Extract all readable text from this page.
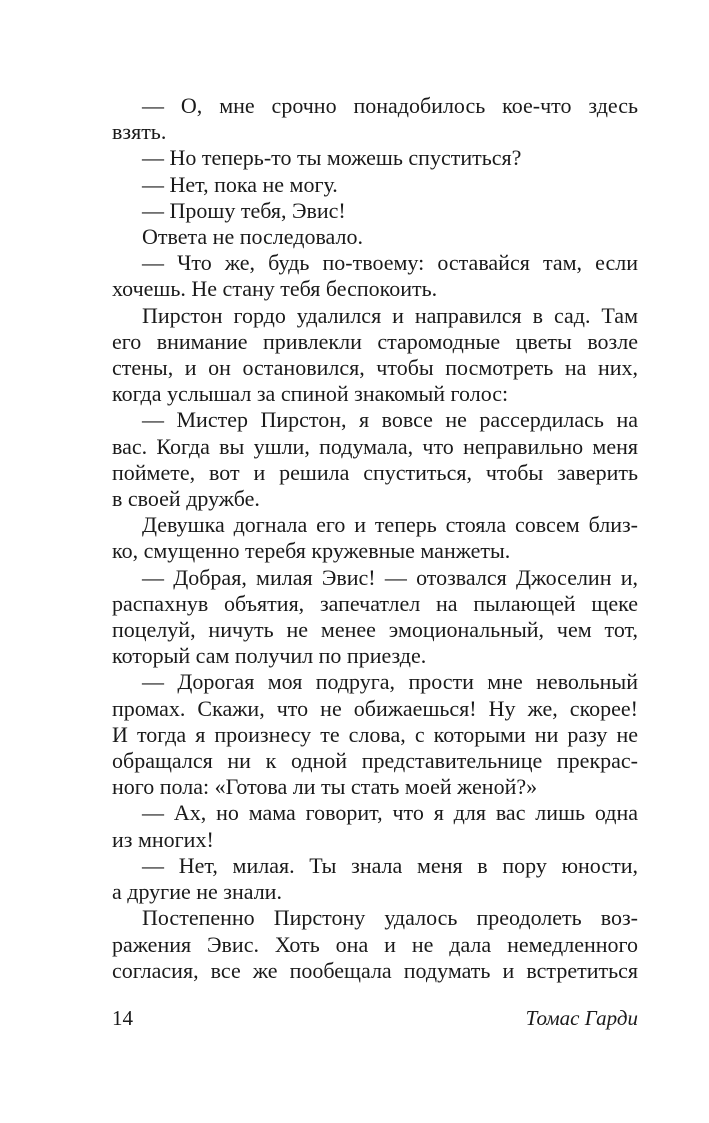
— О, мне срочно понадобилось кое-что здесь
взять.

— Но теперь-то ты можешь спуститься?

— Нет, пока не могу.

— Прошу тебя, Эвис!

Ответа не последовало.

— Что же, будь по-твоему: оставайся там, если
хочешь. Не стану тебя беспокоить.

Пирстон гордо удалился и направился в сад. Там
его внимание привлекли старомодные цветы возле
стены, и он остановился, чтобы посмотреть на них,
когда услышал за спиной знакомый голос:

— Мистер Пирстон, я вовсе не рассердилась на
вас. Когда вы ушли, подумала, что неправильно меня
поймете, вот и решила спуститься, чтобы заверить
в своей дружбе.

Девушка догнала его и теперь стояла совсем близ-
ко, смущенно теребя кружевные манжеты.

— Добрая, милая Эвис! — отозвался Джоселин и,
распахнув объятия, запечатлел на пылающей щеке
поцелуй, ничуть не менее эмоциональный, чем тот,
который сам получил по приезде.

— Дорогая моя подруга, прости мне невольный
промах. Скажи, что не обижаешься! Ну же, скорее!
И тогда я произнесу те слова, с которыми ни разу не
обращался ни к одной представительнице прекрас-
ного пола: «Готова ли ты стать моей женой?»

— Ах, но мама говорит, что я для вас лишь одна
из многих!

— Нет, милая. Ты знала меня в пору юности,
а другие не знали.

Постепенно Пирстону удалось преодолеть воз-
ражения Эвис. Хоть она и не дала немедленного
согласия, все же пообещала подумать и встретиться

14	Томас Гарди
